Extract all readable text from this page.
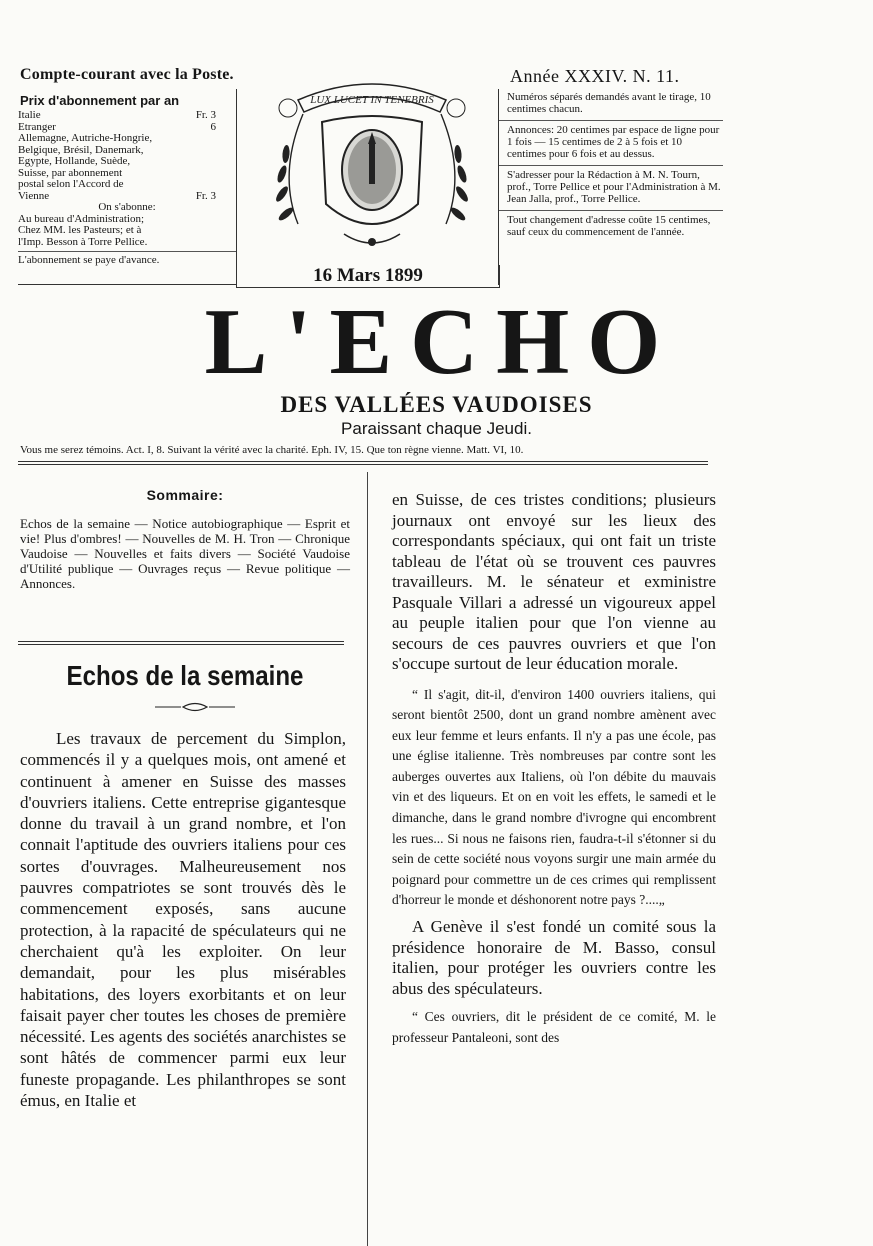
Compte-courant avec la Poste.	Année XXXIV. N. 11.
Prix d'abonnement par an
Italie	Fr. 3
Etranger	6
Allemagne, Autriche-Hongrie,
Belgique, Brésil, Danemark,
Egypte, Hollande, Suède,
Suisse, par abonnement
postal selon l'Accord de
Vienne	Fr. 3
On s'abonne:
Au bureau d'Administration;
Chez MM. les Pasteurs; et à
l'Imp. Besson à Torre Pellice.
L'abonnement se paye d'avance.
LUX LUCET IN TENEBRIS
16 Mars 1899

Numéros séparés demandés avant le tirage, 10 centimes chacun.

Annonces: 20 centimes par espace de ligne pour 1 fois — 15 centimes de 2 à 5 fois et 10 centimes pour 6 fois et au dessus.

S'adresser pour la Rédaction à M. N. Tourn, prof., Torre Pellice et pour l'Administration à M. Jean Jalla, prof., Torre Pellice.

Tout changement d'adresse coûte 15 centimes, sauf ceux du commencement de l'année.

L'ECHO
DES VALLÉES VAUDOISES
Paraissant chaque Jeudi.
Vous me serez témoins. Act. I, 8. Suivant la vérité avec la charité. Eph. IV, 15. Que ton règne vienne. Matt. VI, 10.
Sommaire:
Echos de la semaine — Notice autobiographique — Esprit et vie! Plus d'ombres! — Nouvelles de M. H. Tron — Chronique Vaudoise — Nouvelles et faits divers — Société Vaudoise d'Utilité publique — Ouvrages reçus — Revue politique — Annonces.
Echos de la semaine

Les travaux de percement du Simplon, commencés il y a quelques mois, ont amené et continuent à amener en Suisse des masses d'ouvriers italiens. Cette entreprise gigantesque donne du travail à un grand nombre, et l'on connait l'aptitude des ouvriers italiens pour ces sortes d'ouvrages. Malheureusement nos pauvres compatriotes se sont trouvés dès le commencement exposés, sans aucune protection, à la rapacité de spéculateurs qui ne cherchaient qu'à les exploiter. On leur demandait, pour les plus misérables habitations, des loyers exorbitants et on leur faisait payer cher toutes les choses de première nécessité. Les agents des sociétés anarchistes se sont hâtés de commencer parmi eux leur funeste propagande. Les philanthropes se sont émus, en Italie et

en Suisse, de ces tristes conditions; plusieurs journaux ont envoyé sur les lieux des correspondants spéciaux, qui ont fait un triste tableau de l'état où se trouvent ces pauvres travailleurs. M. le sénateur et exministre Pasquale Villari a adressé un vigoureux appel au peuple italien pour que l'on vienne au secours de ces pauvres ouvriers et que l'on s'occupe surtout de leur éducation morale.

“ Il s'agit, dit-il, d'environ 1400 ouvriers italiens, qui seront bientôt 2500, dont un grand nombre amènent avec eux leur femme et leurs enfants. Il n'y a pas une école, pas une église italienne. Très nombreuses par contre sont les auberges ouvertes aux Italiens, où l'on débite du mauvais vin et des liqueurs. Et on en voit les effets, le samedi et le dimanche, dans le grand nombre d'ivrogne qui encombrent les rues... Si nous ne faisons rien, faudra-t-il s'étonner si du sein de cette société nous voyons surgir une main armée du poignard pour commettre un de ces crimes qui remplissent d'horreur le monde et déshonorent notre pays ?....„

A Genève il s'est fondé un comité sous la présidence honoraire de M. Basso, consul italien, pour protéger les ouvriers contre les abus des spéculateurs.

“ Ces ouvriers, dit le président de ce comité, M. le professeur Pantaleoni, sont des
